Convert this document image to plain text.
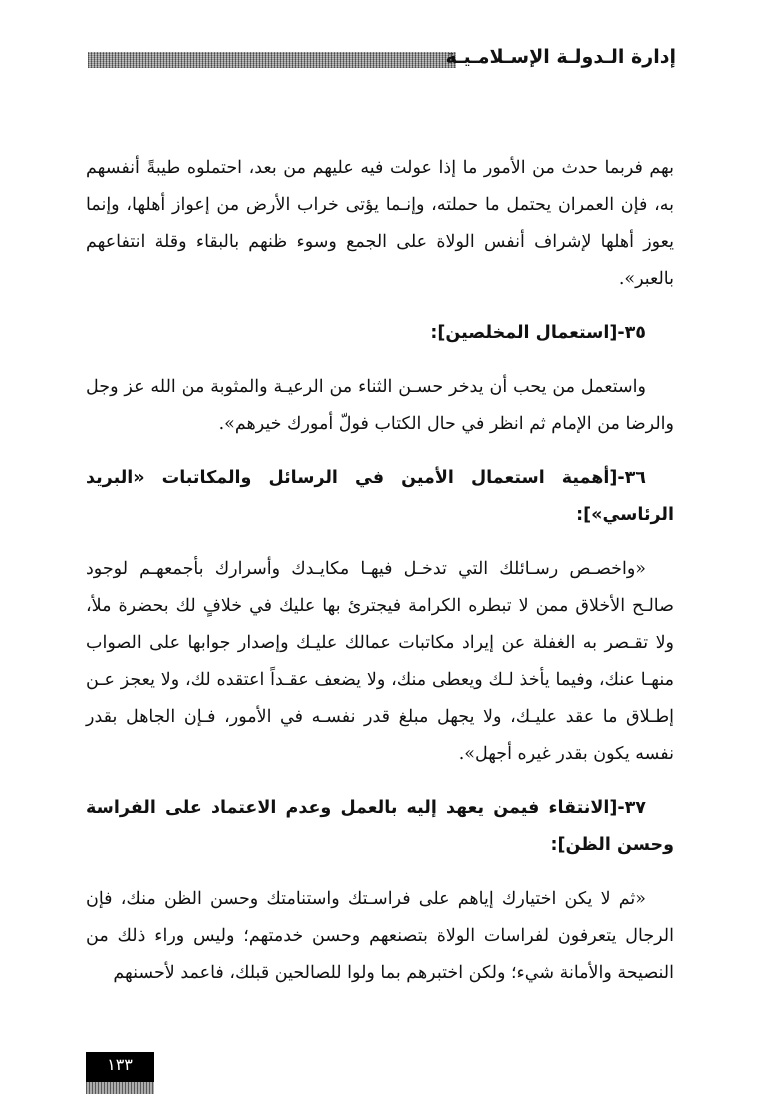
إدارة الـدولـة الإسـلامـيـة

بهم فربما حدث من الأمور ما إذا عولت فيه عليهم من بعد، احتملوه طيبةً أنفسهم به، فإن العمران يحتمل ما حملته، وإنـما يؤتى خراب الأرض من إعواز أهلها، وإنما يعوز أهلها لإشراف أنفس الولاة على الجمع وسوء ظنهم بالبقاء وقلة انتفاعهم بالعبر».

٣٥-[استعمال المخلصين]:

واستعمل من يحب أن يدخر حسـن الثناء من الرعيـة والمثوبة من الله عز وجل والرضا من الإمام ثم انظر في حال الكتاب فولّ أمورك خيرهم».

٣٦-[أهمية استعمال الأمين في الرسائل والمكاتبات «البريد الرئاسي»]:

«واخصـص رسـائلك التي تدخـل فيهـا مكايـدك وأسرارك بأجمعهـم لوجود صالـح الأخلاق ممن لا تبطره الكرامة فيجترئ بها عليك في خلافٍ لك بحضرة ملأ، ولا تقـصر به الغفلة عن إيراد مكاتبات عمالك عليـك وإصدار جوابها على الصواب منهـا عنك، وفيما يأخذ لـك ويعطى منك، ولا يضعف عقـداً اعتقده لك، ولا يعجز عـن إطـلاق ما عقد عليـك، ولا يجهل مبلغ قدر نفسـه في الأمور، فـإن الجاهل بقدر نفسه يكون بقدر غيره أجهل».

٣٧-[الانتقاء فيمن يعهد إليه بالعمل وعدم الاعتماد على الفراسة وحسن الظن]:

«ثم لا يكن اختيارك إياهم على فراسـتك واستنامتك وحسن الظن منك، فإن الرجال يتعرفون لفراسات الولاة بتصنعهم وحسن خدمتهم؛ وليس وراء ذلك من النصيحة والأمانة شيء؛ ولكن اختبرهم بما ولوا للصالحين قبلك، فاعمد لأحسنهم

١٣٣
